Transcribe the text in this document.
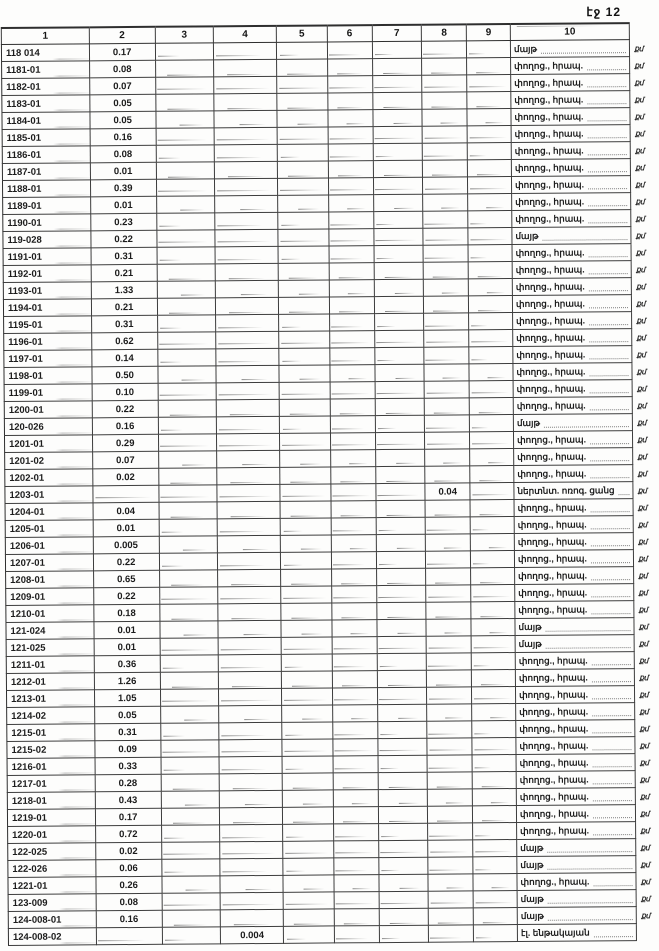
էջ 12
1	2	3	4	5	6	7	8	9	10	
118 014	0.17								մայթ	քմ
1181-01	0.08								փողոց., հրապ.	քմ
1182-01	0.07								փողոց., հրապ.	քմ
1183-01	0.05								փողոց., հրապ.	քմ
1184-01	0.05								փողոց., հրապ.	քմ
1185-01	0.16								փողոց., հրապ.	քմ
1186-01	0.08								փողոց., հրապ.	քմ
1187-01	0.01								փողոց., հրապ.	քմ
1188-01	0.39								փողոց., հրապ.	քմ
1189-01	0.01								փողոց., հրապ.	քմ
1190-01	0.23								փողոց., հրապ.	քմ
119-028	0.22								մայթ	քմ
1191-01	0.31								փողոց., հրապ.	քմ
1192-01	0.21								փողոց., հրապ.	քմ
1193-01	1.33								փողոց., հրապ.	քմ
1194-01	0.21								փողոց., հրապ.	քմ
1195-01	0.31								փողոց., հրապ.	քմ
1196-01	0.62								փողոց., հրապ.	քմ
1197-01	0.14								փողոց., հրապ.	քմ
1198-01	0.50								փողոց., հրապ.	քմ
1199-01	0.10								փողոց., հրապ.	քմ
1200-01	0.22								փողոց., հրապ.	քմ
120-026	0.16								մայթ	քմ
1201-01	0.29								փողոց., հրապ.	քմ
1201-02	0.07								փողոց., հրապ.	քմ
1202-01	0.02								փողոց., հրապ.	քմ
1203-01							0.04		ներտնտ. ոռոգ. ցանց	քմ
1204-01	0.04								փողոց., հրապ.	քմ
1205-01	0.01								փողոց., հրապ.	քմ
1206-01	0.005								փողոց., հրապ.	քմ
1207-01	0.22								փողոց., հրապ.	քմ
1208-01	0.65								փողոց., հրապ.	քմ
1209-01	0.22								փողոց., հրապ.	քմ
1210-01	0.18								փողոց., հրապ.	քմ
121-024	0.01								մայթ	քմ
121-025	0.01								մայթ	քմ
1211-01	0.36								փողոց., հրապ.	քմ
1212-01	1.26								փողոց., հրապ.	քմ
1213-01	1.05								փողոց., հրապ.	քմ
1214-02	0.05								փողոց., հրապ.	քմ
1215-01	0.31								փողոց., հրապ.	քմ
1215-02	0.09								փողոց., հրապ.	քմ
1216-01	0.33								փողոց., հրապ.	քմ
1217-01	0.28								փողոց., հրապ.	քմ
1218-01	0.43								փողոց., հրապ.	քմ
1219-01	0.17								փողոց., հրապ.	քմ
1220-01	0.72								փողոց., հրապ.	քմ
122-025	0.02								մայթ	քմ
122-026	0.06								մայթ	քմ
1221-01	0.26								փողոց., հրապ.	քմ
123-009	0.08								մայթ	քմ
124-008-01	0.16								մայթ	քմ
124-008-02			0.004						էլ. ենթակայան	
